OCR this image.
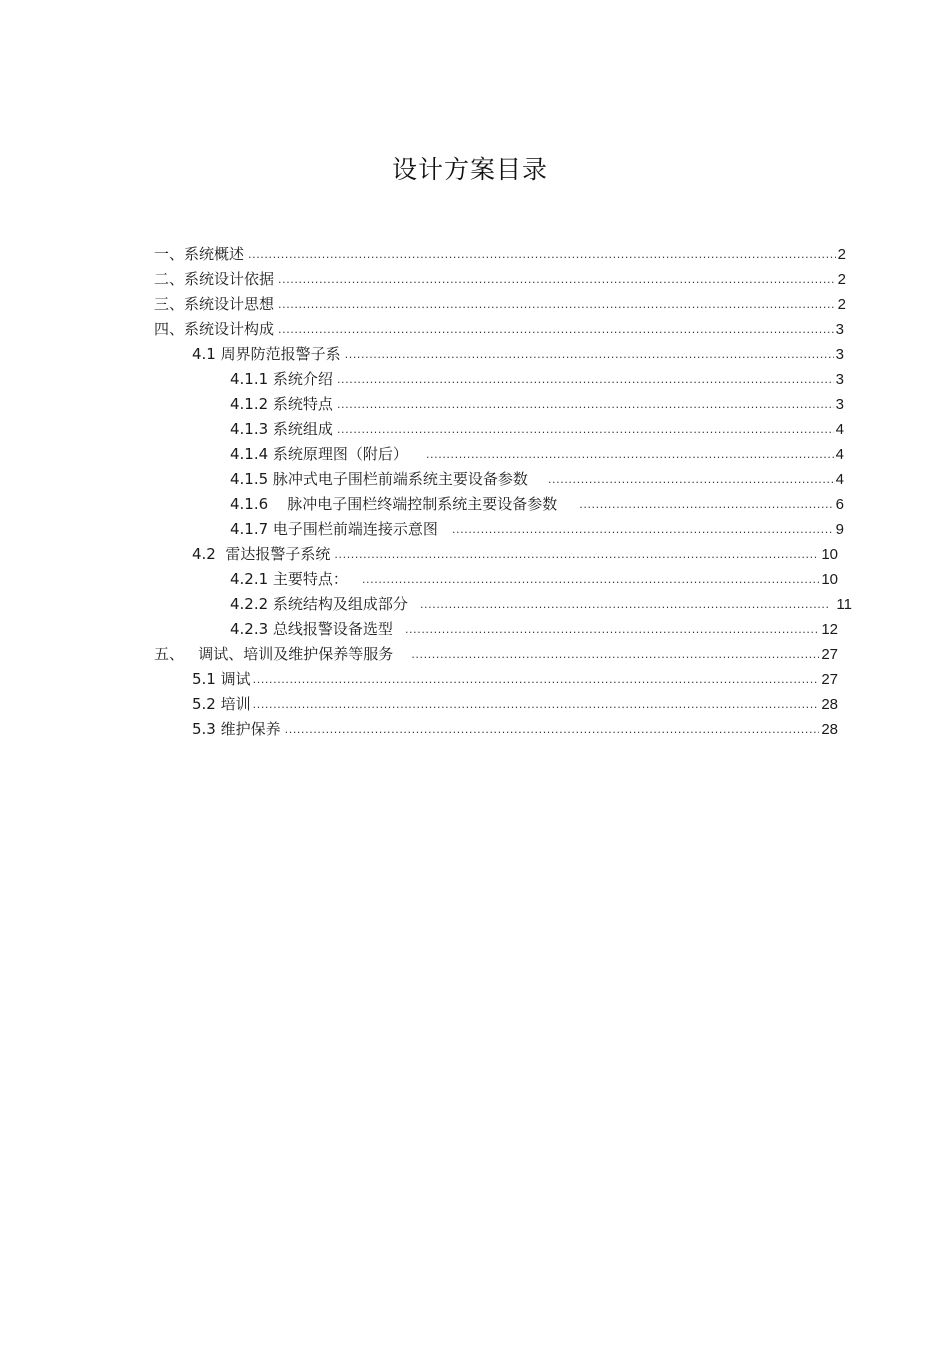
设计方案目录
一、系统概述 .....	2
二、系统设计依据 .....	2
三、系统设计思想 .....	2
四、系统设计构成 .....	3
4.1 周界防范报警子系 .....	3
4.1.1 系统介绍 .....	3
4.1.2 系统特点 .....	3
4.1.3 系统组成 .....	4
4.1.4 系统原理图（附后） .....	4
4.1.5 脉冲式电子围栏前端系统主要设备参数 .....	4
4.1.6    脉冲电子围栏终端控制系统主要设备参数 .....	6
4.1.7 电子围栏前端连接示意图 .....	9
4.2  雷达报警子系统 .....	10
4.2.1 主要特点： .....	10
4.2.2 系统结构及组成部分 .....	11
4.2.3 总线报警设备选型 .....	12
五、   调试、培训及维护保养等服务 .....	27
5.1 调试 .....	27
5.2 培训 .....	28
5.3 维护保养 .....	28
